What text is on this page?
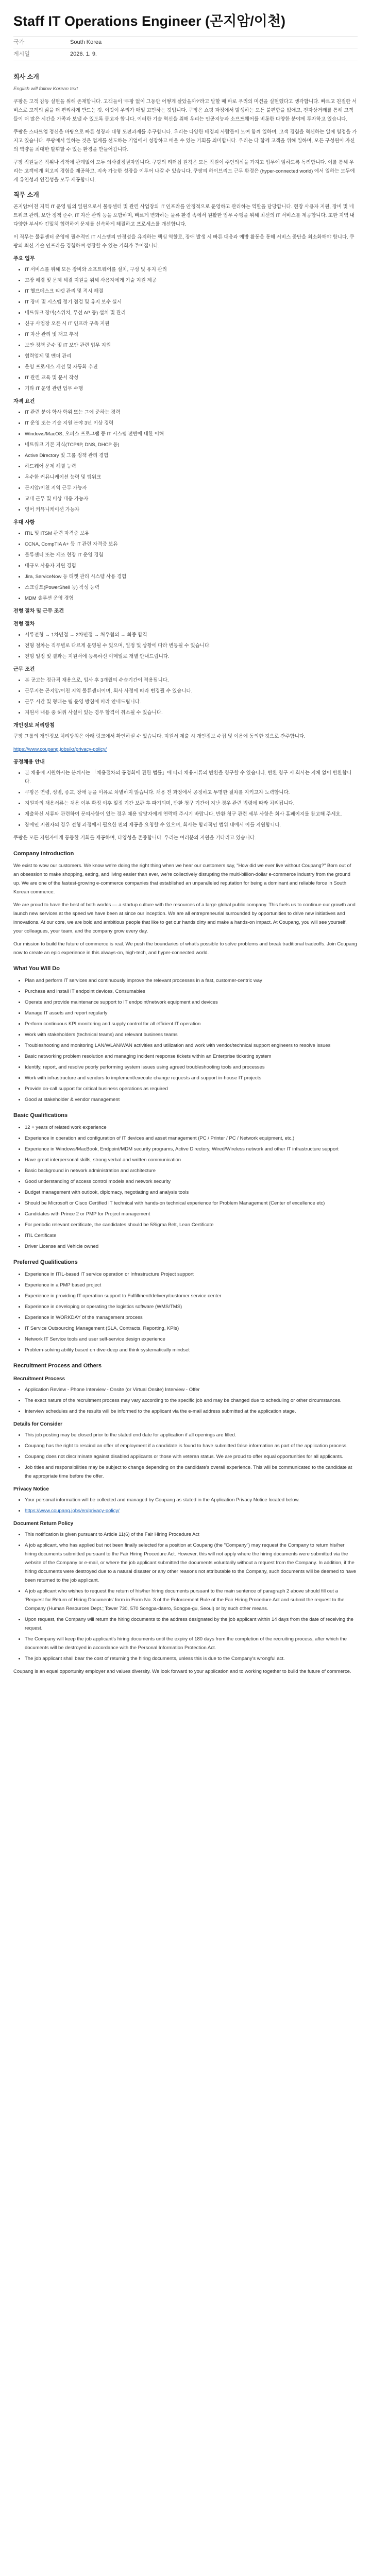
Staff IT Operations Engineer (곤지암/이천)
국가	South Korea
게시일	2026. 1. 9.
회사 소개

English will follow Korean text

쿠팡은 고객 감동 실현을 위해 존재합니다. 고객들이 '쿠팡 없이 그동안 어떻게 살았을까?'라고 말할 때 바로 우리의 미션을 실현했다고 생각합니다. 빠르고 친절한 서비스로 고객의 삶을 더 편리하게 만드는 것. 이것이 우리가 매일 고민하는 것입니다. 쿠팡은 쇼핑 과정에서 발생하는 모든 불편함을 없애고, 전자상거래를 통해 고객들이 더 많은 시간을 가족과 보낼 수 있도록 돕고자 합니다. 이러한 기술 혁신을 위해 우리는 인공지능과 소프트웨어를 비롯한 다양한 분야에 투자하고 있습니다.

쿠팡은 스타트업 정신을 바탕으로 빠른 성장과 대형 도전과제를 추구합니다. 우리는 다양한 배경의 사람들이 모여 함께 일하며, 고객 경험을 혁신하는 일에 열정을 가지고 있습니다. 쿠팡에서 일하는 것은 업계를 선도하는 기업에서 성장하고 배울 수 있는 기회를 의미합니다. 우리는 다 함께 고객을 위해 일하며, 모든 구성원이 자신의 역량을 최대한 발휘할 수 있는 환경을 만들어갑니다.

쿠팡 직원들은 직위나 직책에 관계없이 모두 의사결정권자입니다. 쿠팡의 리더십 원칙은 모든 직원이 주인의식을 가지고 업무에 임하도록 독려합니다. 이를 통해 우리는 고객에게 최고의 경험을 제공하고, 지속 가능한 성장을 이루어 나갈 수 있습니다. 쿠팡의 하이브리드 근무 환경은 (hyper-connected world) 에서 일하는 모두에게 유연성과 연결성을 모두 제공합니다.

직무 소개

곤지암/이천 지역 IT 운영 팀의 일원으로서 물류센터 및 관련 사업장의 IT 인프라를 안정적으로 운영하고 관리하는 역할을 담당합니다. 현장 사용자 지원, 장비 및 네트워크 관리, 보안 정책 준수, IT 자산 관리 등을 포함하며, 빠르게 변화하는 물류 환경 속에서 원활한 업무 수행을 위해 최선의 IT 서비스를 제공합니다. 또한 지역 내 다양한 부서와 긴밀히 협력하여 문제를 신속하게 해결하고 프로세스를 개선합니다.

이 직무는 물류센터 운영에 필수적인 IT 시스템의 안정성을 유지하는 핵심 역할로, 장애 발생 시 빠른 대응과 예방 활동을 통해 서비스 중단을 최소화해야 합니다. 쿠팡의 최신 기술 인프라를 경험하며 성장할 수 있는 기회가 주어집니다.

주요 업무
• IT 서비스를 위해 모든 장비와 소프트웨어를 설치, 구성 및 유지 관리
• 고장 해결 및 문제 해결 지원을 위해 사용자에게 기술 지원 제공
• IT 헬프데스크 티켓 관리 및 적시 해결
• IT 장비 및 시스템 정기 점검 및 유지 보수 실시
• 네트워크 장비(스위치, 무선 AP 등) 설치 및 관리
• 신규 사업장 오픈 시 IT 인프라 구축 지원
• IT 자산 관리 및 재고 추적
• 보안 정책 준수 및 IT 보안 관련 업무 지원
• 협력업체 및 벤더 관리
• 운영 프로세스 개선 및 자동화 추진
• IT 관련 교육 및 문서 작성
• 기타 IT 운영 관련 업무 수행
자격 요건
• IT 관련 분야 학사 학위 또는 그에 준하는 경력
• IT 운영 또는 기술 지원 분야 3년 이상 경력
• Windows/MacOS, 오피스 프로그램 등 IT 시스템 전반에 대한 이해
• 네트워크 기본 지식(TCP/IP, DNS, DHCP 등)
• Active Directory 및 그룹 정책 관리 경험
• 하드웨어 문제 해결 능력
• 우수한 커뮤니케이션 능력 및 팀워크
• 곤지암/이천 지역 근무 가능자
• 교대 근무 및 비상 대응 가능자
• 영어 커뮤니케이션 가능자
우대 사항
• ITIL 및 ITSM 관련 자격증 보유
• CCNA, CompTIA A+ 등 IT 관련 자격증 보유
• 물류센터 또는 제조 현장 IT 운영 경험
• 대규모 사용자 지원 경험
• Jira, ServiceNow 등 티켓 관리 시스템 사용 경험
• 스크립트(PowerShell 등) 작성 능력
• MDM 솔루션 운영 경험
전형 절차 및 근무 조건
전형 절차
• 서류전형 → 1차면접 → 2차면접 → 처우협의 → 최종 합격
• 전형 절차는 직무별로 다르게 운영될 수 있으며, 일정 및 상황에 따라 변동될 수 있습니다.
• 전형 일정 및 결과는 지원서에 등록하신 이메일로 개별 안내드립니다.
근무 조건
• 본 공고는 정규직 채용으로, 입사 후 3개월의 수습기간이 적용됩니다.
• 근무지는 곤지암/이천 지역 물류센터이며, 회사 사정에 따라 변경될 수 있습니다.
• 근무 시간 및 형태는 팀 운영 방침에 따라 안내드립니다.
• 지원서 내용 중 허위 사실이 있는 경우 합격이 취소될 수 있습니다.
개인정보 처리방침

쿠팡 그룹의 개인정보 처리방침은 아래 링크에서 확인하실 수 있습니다. 지원서 제출 시 개인정보 수집 및 이용에 동의한 것으로 간주합니다.

https://www.coupang.jobs/kr/privacy-policy/

공정채용 안내
• 본 채용에 지원하시는 분께서는 「채용절차의 공정화에 관한 법률」에 따라 채용서류의 반환을 청구할 수 있습니다. 반환 청구 시 회사는 지체 없이 반환합니다.
• 쿠팡은 연령, 성별, 종교, 장애 등을 이유로 차별하지 않습니다. 채용 전 과정에서 공정하고 투명한 절차를 지키고자 노력합니다.
• 지원자의 채용서류는 채용 여부 확정 이후 일정 기간 보관 후 파기되며, 반환 청구 기간이 지난 경우 관련 법령에 따라 처리됩니다.
• 제출하신 서류와 관련하여 문의사항이 있는 경우 채용 담당자에게 연락해 주시기 바랍니다. 반환 청구 관련 세부 사항은 회사 홈페이지를 참고해 주세요.
• 장애인 지원자의 경우 전형 과정에서 필요한 편의 제공을 요청할 수 있으며, 회사는 합리적인 범위 내에서 이를 지원합니다.

쿠팡은 모든 지원자에게 동등한 기회를 제공하며, 다양성을 존중합니다. 우리는 여러분의 지원을 기다리고 있습니다.

Company Introduction

We exist to wow our customers. We know we're doing the right thing when we hear our customers say, "How did we ever live without Coupang?" Born out of an obsession to make shopping, eating, and living easier than ever, we're collectively disrupting the multi-billion-dollar e-commerce industry from the ground up. We are one of the fastest-growing e-commerce companies that established an unparalleled reputation for being a dominant and reliable force in South Korean commerce.

We are proud to have the best of both worlds — a startup culture with the resources of a large global public company. This fuels us to continue our growth and launch new services at the speed we have been at since our inception. We are all entrepreneurial surrounded by opportunities to drive new initiatives and innovations. At our core, we are bold and ambitious people that like to get our hands dirty and make a hands-on impact. At Coupang, you will see yourself, your colleagues, your team, and the company grow every day.

Our mission to build the future of commerce is real. We push the boundaries of what's possible to solve problems and break traditional tradeoffs. Join Coupang now to create an epic experience in this always-on, high-tech, and hyper-connected world.

What You Will Do
• Plan and perform IT services and continuously improve the relevant processes in a fast, customer-centric way
• Purchase and install IT endpoint devices, Consumables
• Operate and provide maintenance support to IT endpoint/network equipment and devices
• Manage IT assets and report regularly
• Perform continuous KPI monitoring and supply control for all efficient IT operation
• Work with stakeholders (technical teams) and relevant business teams
• Troubleshooting and monitoring LAN/WLAN/WAN activities and utilization and work with vendor/technical support engineers to resolve issues
• Basic networking problem resolution and managing incident response tickets within an Enterprise ticketing system
• Identify, report, and resolve poorly performing system issues using agreed troubleshooting tools and processes
• Work with infrastructure and vendors to implement/execute change requests and support in-house IT projects
• Provide on-call support for critical business operations as required
• Good at stakeholder & vendor management
Basic Qualifications
• 12 + years of related work experience
• Experience in operation and configuration of IT devices and asset management (PC / Printer / PC / Network equipment, etc.)
• Experience in Windows/MacBook, Endpoint/MDM security programs, Active Directory, Wired/Wireless network and other IT infrastructure support
• Have great interpersonal skills, strong verbal and written communication
• Basic background in network administration and architecture
• Good understanding of access control models and network security
• Budget management with outlook, diplomacy, negotiating and analysis tools
• Should be Microsoft or Cisco Certified IT technical with hands-on technical experience for Problem Management (Center of excellence etc)
• Candidates with Prince 2 or PMP for Project management
• For periodic relevant certificate, the candidates should be 5Sigma Belt, Lean Certificate
• ITIL Certificate
• Driver License and Vehicle owned
Preferred Qualifications
• Experience in ITIL-based IT service operation or Infrastructure Project support
• Experience in a PMP based project
• Experience in providing IT operation support to Fulfillment/delivery/customer service center
• Experience in developing or operating the logistics software (WMS/TMS)
• Experience in WORKDAY of the management process
• IT Service Outsourcing Management (SLA, Contracts, Reporting, KPIs)
• Network IT Service tools and user self-service design experience
• Problem-solving ability based on dive-deep and think systematically mindset
Recruitment Process and Others
Recruitment Process
• Application Review - Phone Interview - Onsite (or Virtual Onsite) Interview - Offer
• The exact nature of the recruitment process may vary according to the specific job and may be changed due to scheduling or other circumstances.
• Interview schedules and the results will be informed to the applicant via the e-mail address submitted at the application stage.
Details for Consider
• This job posting may be closed prior to the stated end date for application if all openings are filled.
• Coupang has the right to rescind an offer of employment if a candidate is found to have submitted false information as part of the application process.
• Coupang does not discriminate against disabled applicants or those with veteran status. We are proud to offer equal opportunities for all applicants.
• Job titles and responsibilities may be subject to change depending on the candidate's overall experience. This will be communicated to the candidate at the appropriate time before the offer.
Privacy Notice
• Your personal information will be collected and managed by Coupang as stated in the Application Privacy Notice located below.
• https://www.coupang.jobs/en/privacy-policy/
Document Return Policy
• This notification is given pursuant to Article 11(6) of the Fair Hiring Procedure Act
• A job applicant, who has applied but not been finally selected for a position at Coupang (the "Company") may request the Company to return his/her hiring documents submitted pursuant to the Fair Hiring Procedure Act. However, this will not apply where the hiring documents were submitted via the website of the Company or e-mail, or where the job applicant submitted the documents voluntarily without a request from the Company. In addition, if the hiring documents were destroyed due to a natural disaster or any other reasons not attributable to the Company, such documents will be deemed to have been returned to the job applicant.
• A job applicant who wishes to request the return of his/her hiring documents pursuant to the main sentence of paragraph 2 above should fill out a 'Request for Return of Hiring Documents' form in Form No. 3 of the Enforcement Rule of the Fair Hiring Procedure Act and submit the request to the Company (Human Resources Dept.; Tower 730, 570 Songpa-daero, Songpa-gu, Seoul) or by such other means.
• Upon request, the Company will return the hiring documents to the address designated by the job applicant within 14 days from the date of receiving the request.
• The Company will keep the job applicant's hiring documents until the expiry of 180 days from the completion of the recruiting process, after which the documents will be destroyed in accordance with the Personal Information Protection Act.
• The job applicant shall bear the cost of returning the hiring documents, unless this is due to the Company's wrongful act.

Coupang is an equal opportunity employer and values diversity. We look forward to your application and to working together to build the future of commerce.
